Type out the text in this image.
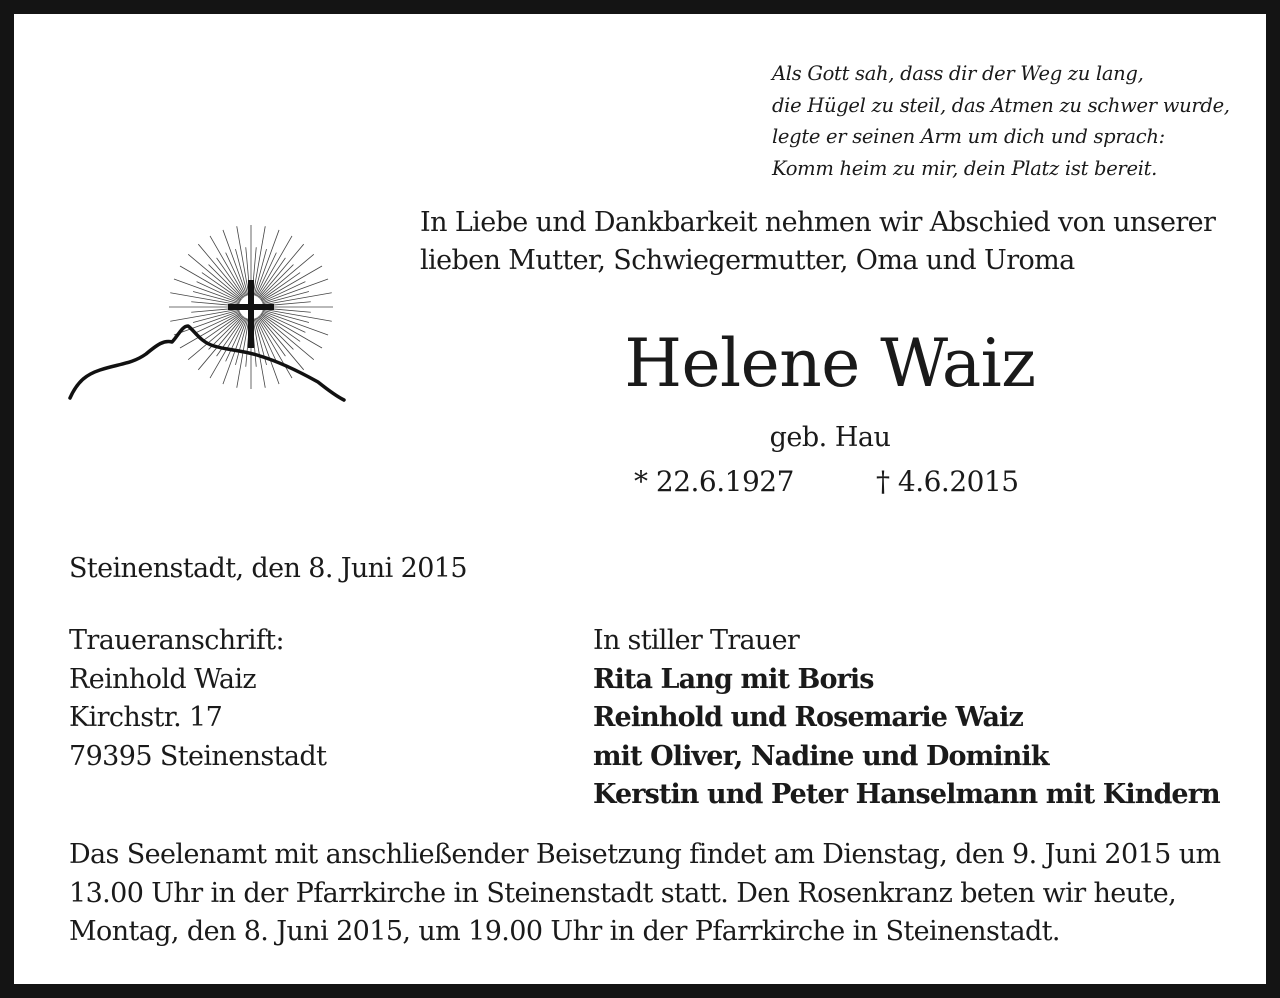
Als Gott sah, dass dir der Weg zu lang,
die Hügel zu steil, das Atmen zu schwer wurde,
legte er seinen Arm um dich und sprach:
Komm heim zu mir, dein Platz ist bereit.
In Liebe und Dankbarkeit nehmen wir Abschied von unserer
lieben Mutter, Schwiegermutter, Oma und Uroma
Helene Waiz
geb. Hau
* 22.6.1927	† 4.6.2015
Steinenstadt, den 8. Juni 2015
Traueranschrift:
Reinhold Waiz
Kirchstr. 17
79395 Steinenstadt
In stiller Trauer
Rita Lang mit Boris
Reinhold und Rosemarie Waiz
mit Oliver, Nadine und Dominik
Kerstin und Peter Hanselmann mit Kindern
Das Seelenamt mit anschließender Beisetzung findet am Dienstag, den 9. Juni 2015 um
13.00 Uhr in der Pfarrkirche in Steinenstadt statt. Den Rosenkranz beten wir heute,
Montag, den 8. Juni 2015, um 19.00 Uhr in der Pfarrkirche in Steinenstadt.
